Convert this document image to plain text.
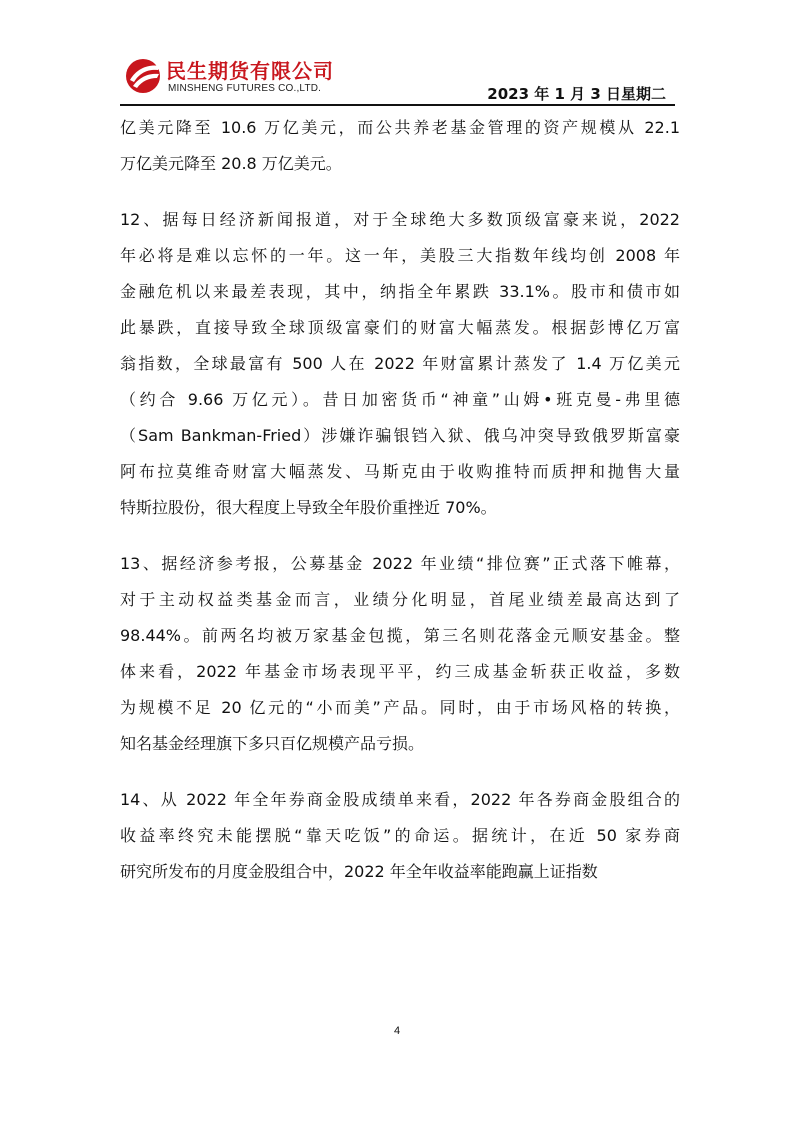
民生期货有限公司
MINSHENG FUTURES CO.,LTD.	2023 年 1 月 3 日星期二
亿美元降至 10.6 万亿美元，而公共养老基金管理的资产规模从 22.1
万亿美元降至 20.8 万亿美元。
12、据每日经济新闻报道，对于全球绝大多数顶级富豪来说，2022
年必将是难以忘怀的一年。这一年，美股三大指数年线均创 2008 年
金融危机以来最差表现，其中，纳指全年累跌 33.1%。股市和债市如
此暴跌，直接导致全球顶级富豪们的财富大幅蒸发。根据彭博亿万富
翁指数，全球最富有 500 人在 2022 年财富累计蒸发了 1.4 万亿美元
（约合 9.66 万亿元）。昔日加密货币“神童”山姆•班克曼-弗里德
（Sam Bankman-Fried）涉嫌诈骗银铛入狱、俄乌冲突导致俄罗斯富豪
阿布拉莫维奇财富大幅蒸发、马斯克由于收购推特而质押和抛售大量
特斯拉股份，很大程度上导致全年股价重挫近 70%。
13、据经济参考报，公募基金 2022 年业绩“排位赛”正式落下帷幕，
对于主动权益类基金而言，业绩分化明显，首尾业绩差最高达到了
98.44%。前两名均被万家基金包揽，第三名则花落金元顺安基金。整
体来看，2022 年基金市场表现平平，约三成基金斩获正收益，多数
为规模不足 20 亿元的“小而美”产品。同时，由于市场风格的转换，
知名基金经理旗下多只百亿规模产品亏损。
14、从 2022 年全年券商金股成绩单来看，2022 年各券商金股组合的
收益率终究未能摆脱“靠天吃饭”的命运。据统计，在近 50 家券商
研究所发布的月度金股组合中，2022 年全年收益率能跑赢上证指数
4
